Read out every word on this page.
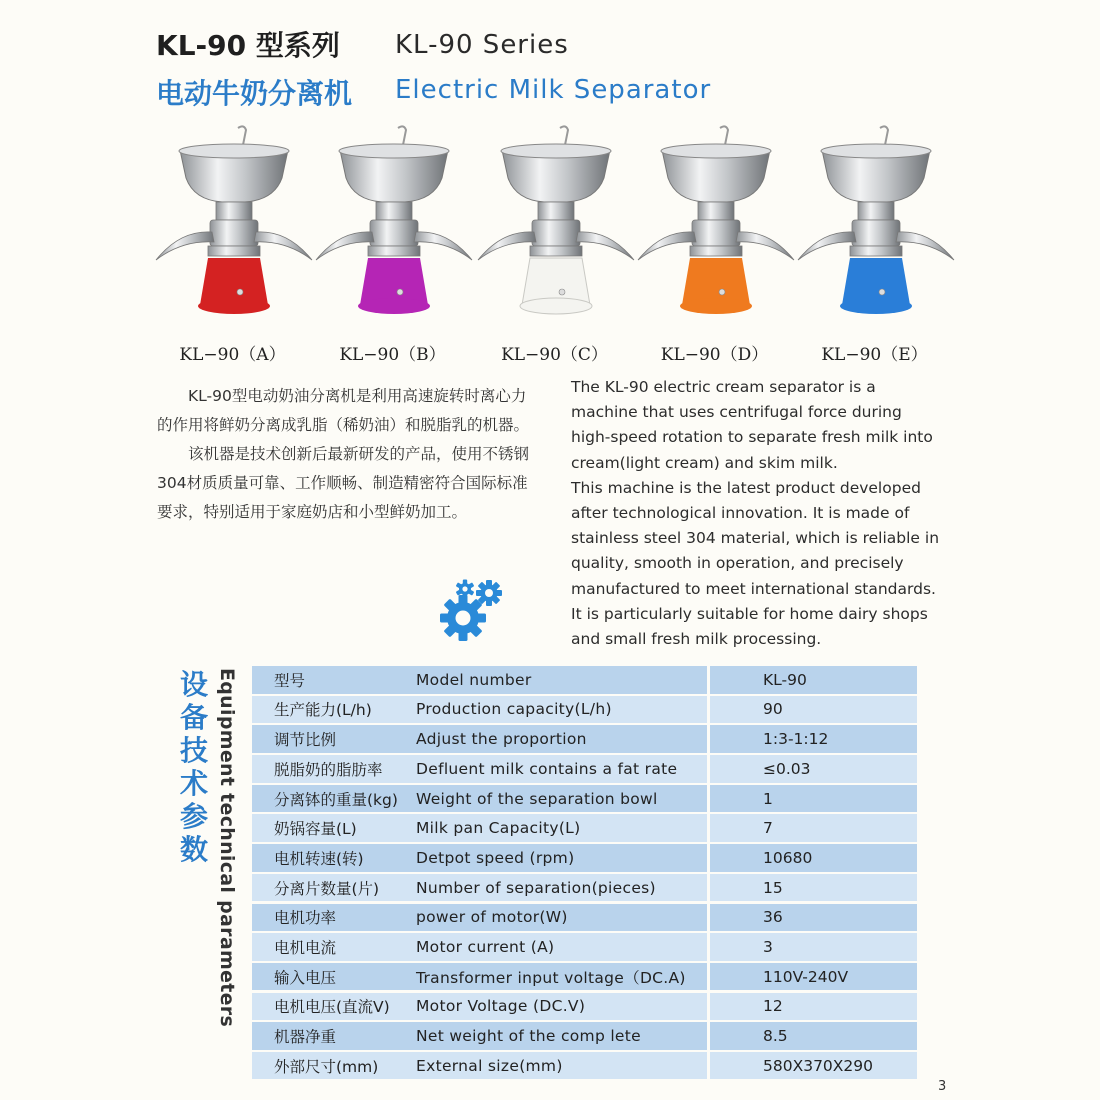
KL-90 型系列 KL-90 Series
电动牛奶分离机 Electric Milk Separator
KL−90（A）	KL−90（B）	KL−90（C）	KL−90（D）	KL−90（E）

KL-90型电动奶油分离机是利用高速旋转时离心力的作用将鲜奶分离成乳脂（稀奶油）和脱脂乳的机器。

该机器是技术创新后最新研发的产品，使用不锈钢304材质质量可靠、工作顺畅、制造精密符合国际标准要求，特别适用于家庭奶店和小型鲜奶加工。

The KL-90 electric cream separator is a machine that uses centrifugal force during high-speed rotation to separate fresh milk into cream(light cream) and skim milk.

This machine is the latest product developed after technological innovation. It is made of stainless steel 304 material, which is reliable in quality, smooth in operation, and precisely manufactured to meet international standards. It is particularly suitable for home dairy shops and small fresh milk processing.

设备技术参数 Equipment technical parameters	型号	Model number	KL-90
生产能力(L/h)	Production capacity(L/h)	90
调节比例	Adjust the proportion	1:3-1:12
脱脂奶的脂肪率	Defluent milk contains a fat rate	≤0.03
分离钵的重量(kg)	Weight of the separation bowl	1
奶锅容量(L)	Milk pan Capacity(L)	7
电机转速(转)	Detpot speed (rpm)	10680
分离片数量(片)	Number of separation(pieces)	15
电机功率	power of motor(W)	36
电机电流	Motor current (A)	3
输入电压	Transformer input voltage（DC.A)	110V-240V
电机电压(直流V)	Motor Voltage (DC.V)	12
机器净重	Net weight of the comp lete	8.5
外部尺寸(mm)	External size(mm)	580X370X290
3
